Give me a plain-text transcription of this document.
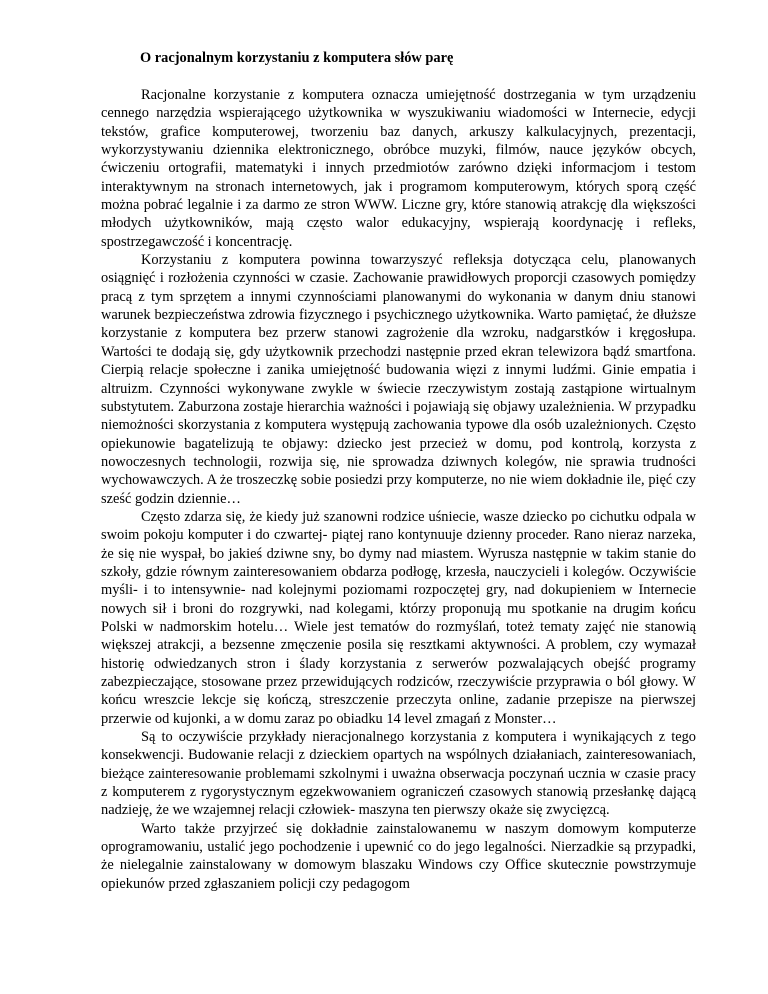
O racjonalnym korzystaniu z komputera słów parę

Racjonalne korzystanie z komputera oznacza umiejętność dostrzegania w tym urządzeniu cennego narzędzia wspierającego użytkownika w wyszukiwaniu wiadomości w Internecie, edycji tekstów, grafice komputerowej, tworzeniu baz danych, arkuszy kalkulacyjnych, prezentacji, wykorzystywaniu dziennika elektronicznego, obróbce muzyki, filmów, nauce języków obcych, ćwiczeniu ortografii, matematyki i innych przedmiotów zarówno dzięki informacjom i testom interaktywnym na stronach internetowych, jak i programom komputerowym, których sporą część można pobrać legalnie i za darmo ze stron WWW. Liczne gry, które stanowią atrakcję dla większości młodych użytkowników, mają często walor edukacyjny, wspierają koordynację i refleks, spostrzegawczość i koncentrację.

Korzystaniu z komputera powinna towarzyszyć refleksja dotycząca celu, planowanych osiągnięć i rozłożenia czynności w czasie. Zachowanie prawidłowych proporcji czasowych pomiędzy pracą z tym sprzętem a innymi czynnościami planowanymi do wykonania w danym dniu stanowi warunek bezpieczeństwa zdrowia fizycznego i psychicznego użytkownika. Warto pamiętać, że dłuższe korzystanie z komputera bez przerw stanowi zagrożenie dla wzroku, nadgarstków i kręgosłupa. Wartości te dodają się, gdy użytkownik przechodzi następnie przed ekran telewizora bądź smartfona. Cierpią relacje społeczne i zanika umiejętność budowania więzi z innymi ludźmi. Ginie empatia i altruizm. Czynności wykonywane zwykle w świecie rzeczywistym zostają zastąpione wirtualnym substytutem. Zaburzona zostaje hierarchia ważności i pojawiają się objawy uzależnienia. W przypadku niemożności skorzystania z komputera występują zachowania typowe dla osób uzależnionych. Często opiekunowie bagatelizują te objawy: dziecko jest przecież w domu, pod kontrolą, korzysta z nowoczesnych technologii, rozwija się, nie sprowadza dziwnych kolegów, nie sprawia trudności wychowawczych. A że troszeczkę sobie posiedzi przy komputerze, no nie wiem dokładnie ile, pięć czy sześć godzin dziennie…

Często zdarza się, że kiedy już szanowni rodzice uśniecie, wasze dziecko po cichutku odpala w swoim pokoju komputer i do czwartej- piątej rano kontynuuje dzienny proceder. Rano nieraz narzeka, że się nie wyspał, bo jakieś dziwne sny, bo dymy nad miastem. Wyrusza następnie w takim stanie do szkoły, gdzie równym zainteresowaniem obdarza podłogę, krzesła, nauczycieli i kolegów. Oczywiście myśli- i to intensywnie- nad kolejnymi poziomami rozpoczętej gry, nad dokupieniem w Internecie nowych sił i broni do rozgrywki, nad kolegami, którzy proponują mu spotkanie na drugim końcu Polski w nadmorskim hotelu… Wiele jest tematów do rozmyślań, toteż tematy zajęć nie stanowią większej atrakcji, a bezsenne zmęczenie posila się resztkami aktywności. A problem, czy wymazał historię odwiedzanych stron i ślady korzystania z serwerów pozwalających obejść programy zabezpieczające, stosowane przez przewidujących rodziców, rzeczywiście przyprawia o ból głowy. W końcu wreszcie lekcje się kończą, streszczenie przeczyta online, zadanie przepisze na pierwszej przerwie od kujonki, a w domu zaraz po obiadku 14 level zmagań z Monster…

Są to oczywiście przykłady nieracjonalnego korzystania z komputera i wynikających z tego konsekwencji. Budowanie relacji z dzieckiem opartych na wspólnych działaniach, zainteresowaniach, bieżące zainteresowanie problemami szkolnymi i uważna obserwacja poczynań ucznia w czasie pracy z komputerem z rygorystycznym egzekwowaniem ograniczeń czasowych stanowią przesłankę dającą nadzieję, że we wzajemnej relacji człowiek- maszyna ten pierwszy okaże się zwycięzcą.

Warto także przyjrzeć się dokładnie zainstalowanemu w naszym domowym komputerze oprogramowaniu, ustalić jego pochodzenie i upewnić co do jego legalności. Nierzadkie są przypadki, że nielegalnie zainstalowany w domowym blaszaku Windows czy Office skutecznie powstrzymuje opiekunów przed zgłaszaniem policji czy pedagogom
